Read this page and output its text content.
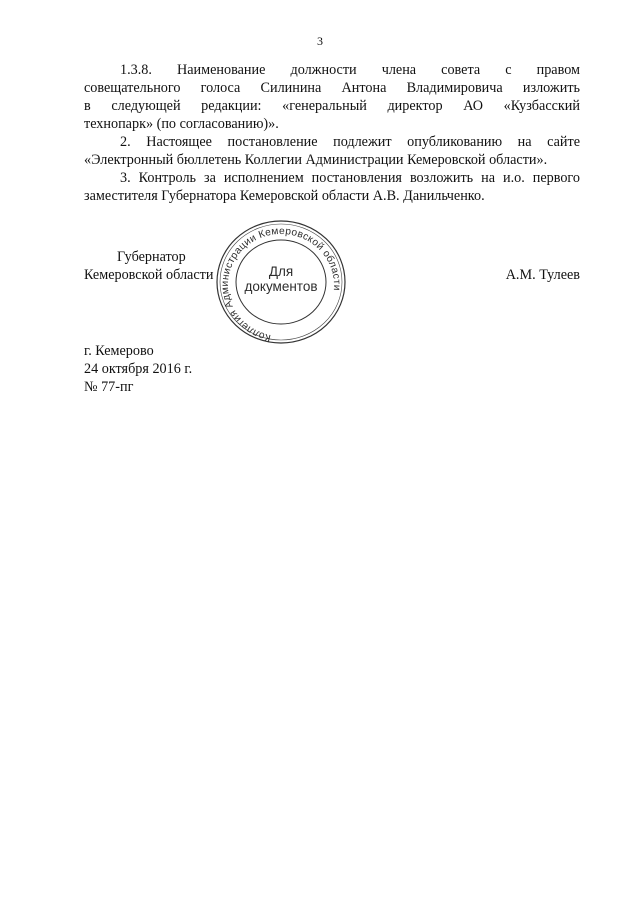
3

1.3.8. Наименование должности члена совета с правом
совещательного голоса Силинина Антона Владимировича изложить
в следующей редакции: «генеральный директор АО «Кузбасский
технопарк» (по согласованию)».

2. Настоящее постановление подлежит опубликованию на сайте
«Электронный бюллетень Коллегии Администрации Кемеровской области».

3. Контроль за исполнением постановления возложить на и.о. первого
заместителя Губернатора Кемеровской области А.В. Данильченко.

Коллегия Администрации Кемеровской области
Для
документов
Губернатор
Кемеровской области	А.М. Тулеев
г. Кемерово
24 октября 2016 г.
№ 77-пг
